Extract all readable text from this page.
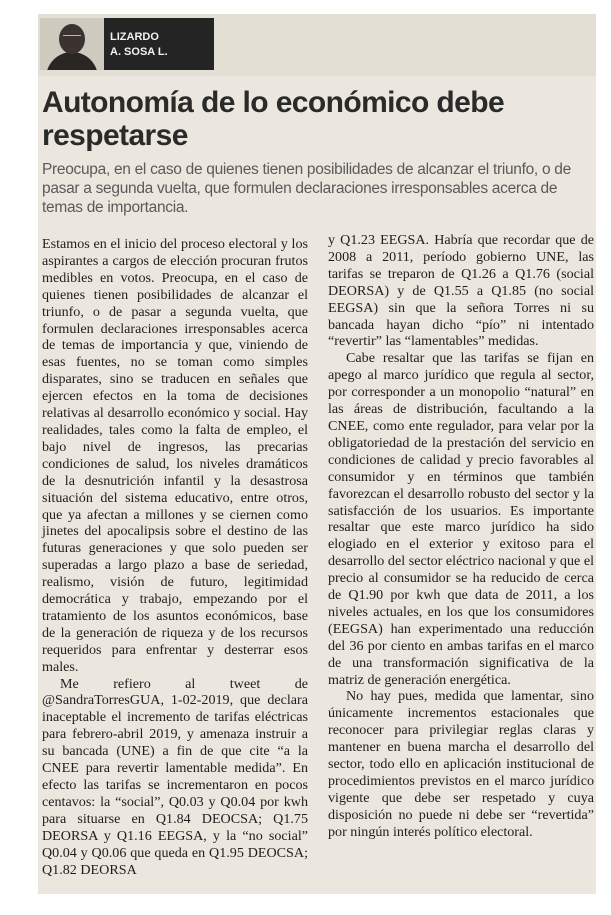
LIZARDO
A. SOSA L.
Autonomía de lo económico debe respetarse

Preocupa, en el caso de quienes tienen posibilidades de alcanzar el triunfo, o de pasar a segunda vuelta, que formulen declaraciones irresponsables acerca de temas de importancia.

Estamos en el inicio del proceso electoral y los aspirantes a cargos de elección procuran frutos medibles en votos. Preocupa, en el caso de quienes tienen posibilidades de alcanzar el triunfo, o de pasar a segunda vuelta, que formulen declaraciones irresponsables acerca de temas de importancia y que, viniendo de esas fuentes, no se toman como simples disparates, sino se traducen en señales que ejercen efectos en la toma de decisiones relativas al desarrollo económico y social. Hay realidades, tales como la falta de empleo, el bajo nivel de ingresos, las precarias condiciones de salud, los niveles dramáticos de la desnutrición infantil y la desastrosa situación del sistema educativo, entre otros, que ya afectan a millones y se ciernen como jinetes del apocalipsis sobre el destino de las futuras generaciones y que solo pueden ser superadas a largo plazo a base de seriedad, realismo, visión de futuro, legitimidad democrática y trabajo, empezando por el tratamiento de los asuntos económicos, base de la generación de riqueza y de los recursos requeridos para enfrentar y desterrar esos males.

Me refiero al tweet de @SandraTorresGUA, 1-02-2019, que declara inaceptable el incremento de tarifas eléctricas para febrero-abril 2019, y amenaza instruir a su bancada (UNE) a fin de que cite “a la CNEE para revertir lamentable medida”. En efecto las tarifas se incrementaron en pocos centavos: la “social”, Q0.03 y Q0.04 por kwh para situarse en Q1.84 DEOCSA; Q1.75 DEORSA y Q1.16 EEGSA, y la “no social” Q0.04 y Q0.06 que queda en Q1.95 DEOCSA; Q1.82 DEORSA

y Q1.23 EEGSA. Habría que recordar que de 2008 a 2011, período gobierno UNE, las tarifas se treparon de Q1.26 a Q1.76 (social DEORSA) y de Q1.55 a Q1.85 (no social EEGSA) sin que la señora Torres ni su bancada hayan dicho “pío” ni intentado “revertir” las “lamentables” medidas.

Cabe resaltar que las tarifas se fijan en apego al marco jurídico que regula al sector, por corresponder a un monopolio “natural” en las áreas de distribución, facultando a la CNEE, como ente regulador, para velar por la obligatoriedad de la prestación del servicio en condiciones de calidad y precio favorables al consumidor y en términos que también favorezcan el desarrollo robusto del sector y la satisfacción de los usuarios. Es importante resaltar que este marco jurídico ha sido elogiado en el exterior y exitoso para el desarrollo del sector eléctrico nacional y que el precio al consumidor se ha reducido de cerca de Q1.90 por kwh que data de 2011, a los niveles actuales, en los que los consumidores (EEGSA) han experimentado una reducción del 36 por ciento en ambas tarifas en el marco de una transformación significativa de la matriz de generación energética.

No hay pues, medida que lamentar, sino únicamente incrementos estacionales que reconocer para privilegiar reglas claras y mantener en buena marcha el desarrollo del sector, todo ello en aplicación institucional de procedimientos previstos en el marco jurídico vigente que debe ser respetado y cuya disposición no puede ni debe ser “revertida” por ningún interés político electoral.
